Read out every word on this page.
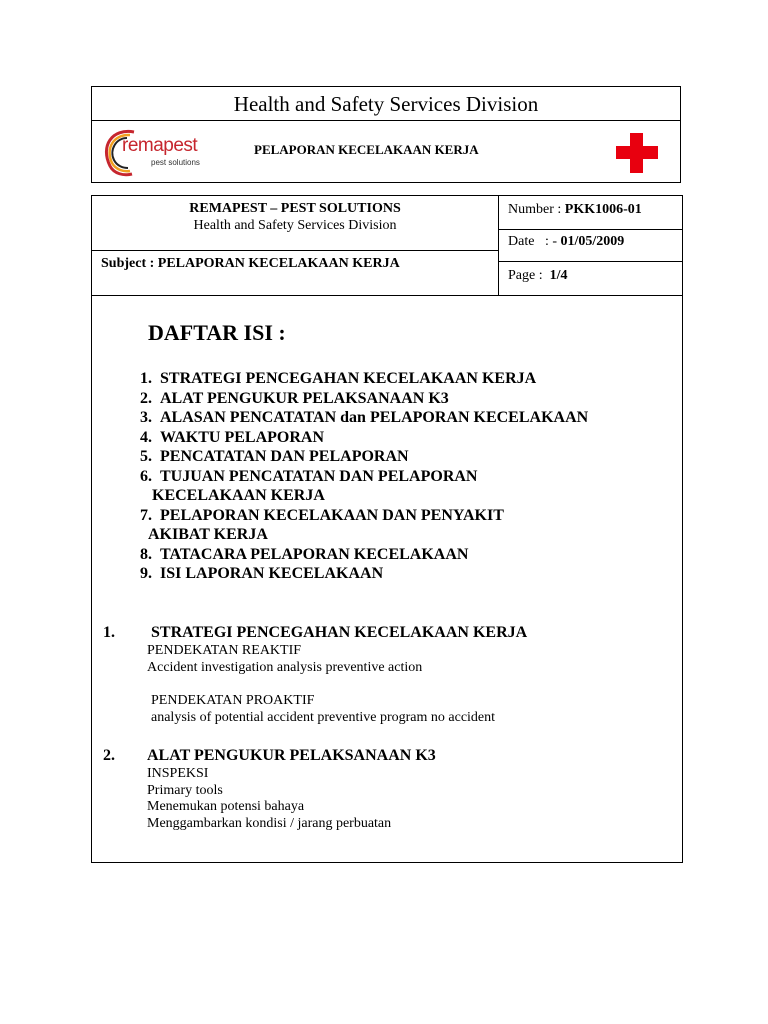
Health and Safety Services Division
remapest
pest solutions
PELAPORAN KECELAKAAN KERJA
REMAPEST – PEST SOLUTIONS
Health and Safety Services Division
Subject : PELAPORAN KECELAKAAN KERJA
Number : PKK1006-01
Date : - 01/05/2009
Page : 1/4
DAFTAR ISI :
1.
STRATEGI PENCEGAHAN KECELAKAAN KERJA
2.
ALAT PENGUKUR PELAKSANAAN K3
3.
ALASAN PENCATATAN dan PELAPORAN KECELAKAAN
4.
WAKTU PELAPORAN
5.
PENCATATAN DAN PELAPORAN
6.
TUJUAN PENCATATAN DAN PELAPORAN
KECELAKAAN KERJA
7.
PELAPORAN KECELAKAAN DAN PENYAKIT
AKIBAT KERJA
8.
TATACARA PELAPORAN KECELAKAAN
9.
ISI LAPORAN KECELAKAAN
1. STRATEGI PENCEGAHAN KECELAKAAN KERJA
PENDEKATAN REAKTIF
Accident investigation analysis preventive action
PENDEKATAN PROAKTIF
analysis of potential accident preventive program no accident
2. ALAT PENGUKUR PELAKSANAAN K3
INSPEKSI
Primary tools
Menemukan potensi bahaya
Menggambarkan kondisi / jarang perbuatan
